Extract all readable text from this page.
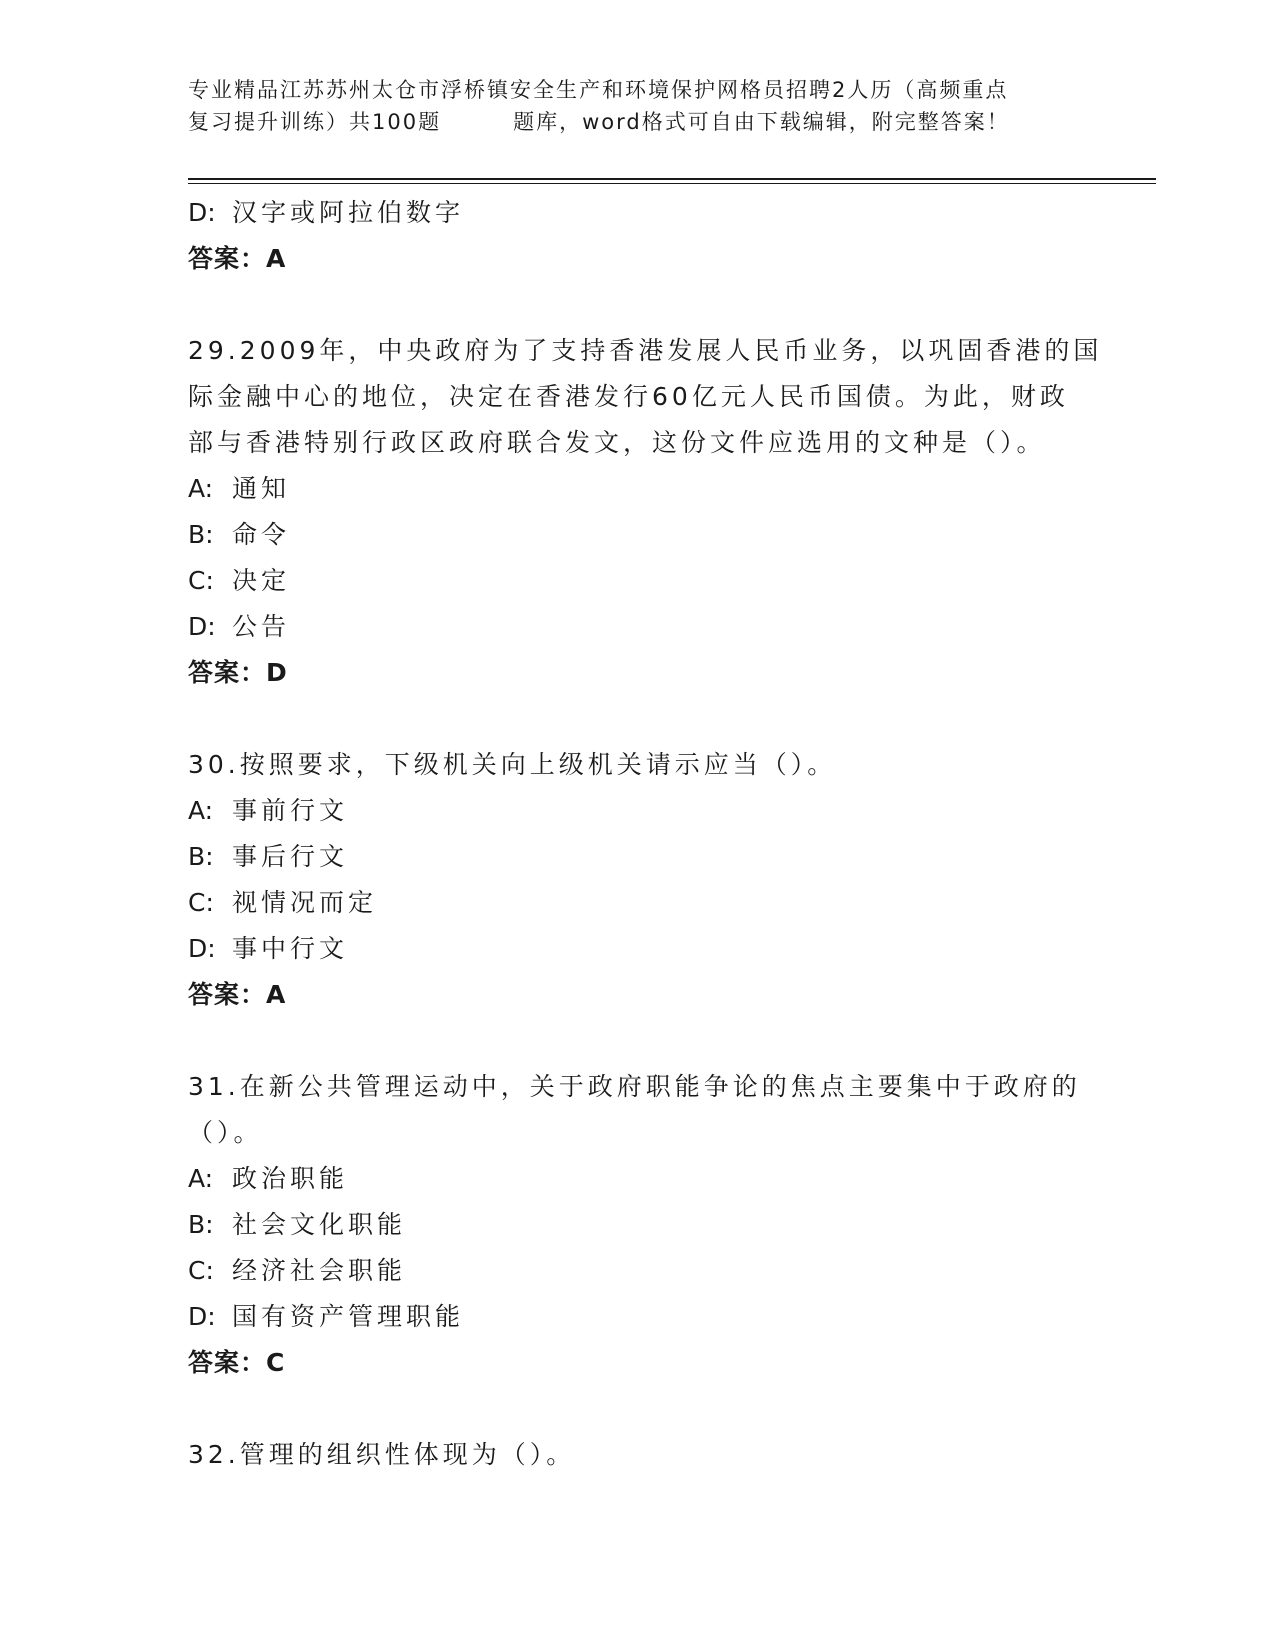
专业精品江苏苏州太仓市浮桥镇安全生产和环境保护网格员招聘2人历（高频重点
复习提升训练）共100题	题库，word格式可自由下载编辑，附完整答案！
D: 汉字或阿拉伯数字
答案：A
29.2009年，中央政府为了支持香港发展人民币业务，以巩固香港的国
际金融中心的地位，决定在香港发行60亿元人民币国债。为此，财政
部与香港特别行政区政府联合发文，这份文件应选用的文种是（）。
A: 通知
B: 命令
C: 决定
D: 公告
答案：D
30.按照要求，下级机关向上级机关请示应当（）。
A: 事前行文
B: 事后行文
C: 视情况而定
D: 事中行文
答案：A
31.在新公共管理运动中，关于政府职能争论的焦点主要集中于政府的
（）。
A: 政治职能
B: 社会文化职能
C: 经济社会职能
D: 国有资产管理职能
答案：C
32.管理的组织性体现为（）。
